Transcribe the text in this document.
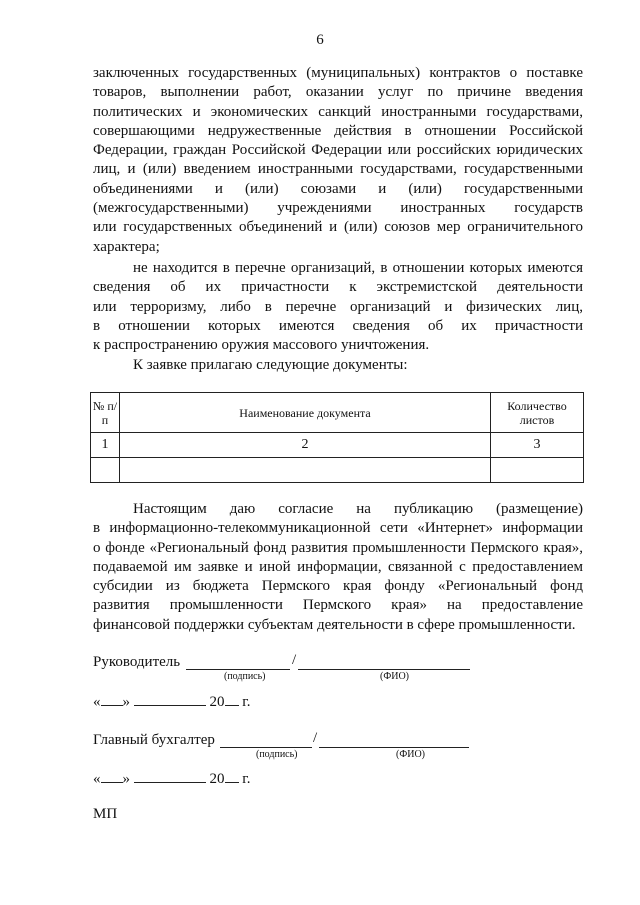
6
заключенных государственных (муниципальных) контрактов о поставке
товаров, выполнении работ, оказании услуг по причине введения
политических и экономических санкций иностранными государствами,
совершающими недружественные действия в отношении Российской
Федерации, граждан Российской Федерации или российских юридических
лиц, и (или) введением иностранными государствами, государственными
объединениями и (или) союзами и (или) государственными
(межгосударственными) учреждениями иностранных государств
или государственных объединений и (или) союзов мер ограничительного
характера;
не находится в перечне организаций, в отношении которых имеются
сведения об их причастности к экстремистской деятельности
или терроризму, либо в перечне организаций и физических лиц,
в отношении которых имеются сведения об их причастности
к распространению оружия массового уничтожения.
К заявке прилагаю следующие документы:
№ п/п	Наименование документа	Количество листов
1	2	3

Настоящим даю согласие на публикацию (размещение)
в информационно-телекоммуникационной сети «Интернет» информации
о фонде «Региональный фонд развития промышленности Пермского края»,
подаваемой им заявке и иной информации, связанной с предоставлением
субсидии из бюджета Пермского края фонду «Региональный фонд
развития промышленности Пермского края» на предоставление
финансовой поддержки субъектам деятельности в сфере промышленности.
Руководитель	/
(подпись)	(ФИО)
« »	20 г.
Главный бухгалтер	/
(подпись)	(ФИО)
« »	20 г.
МП
